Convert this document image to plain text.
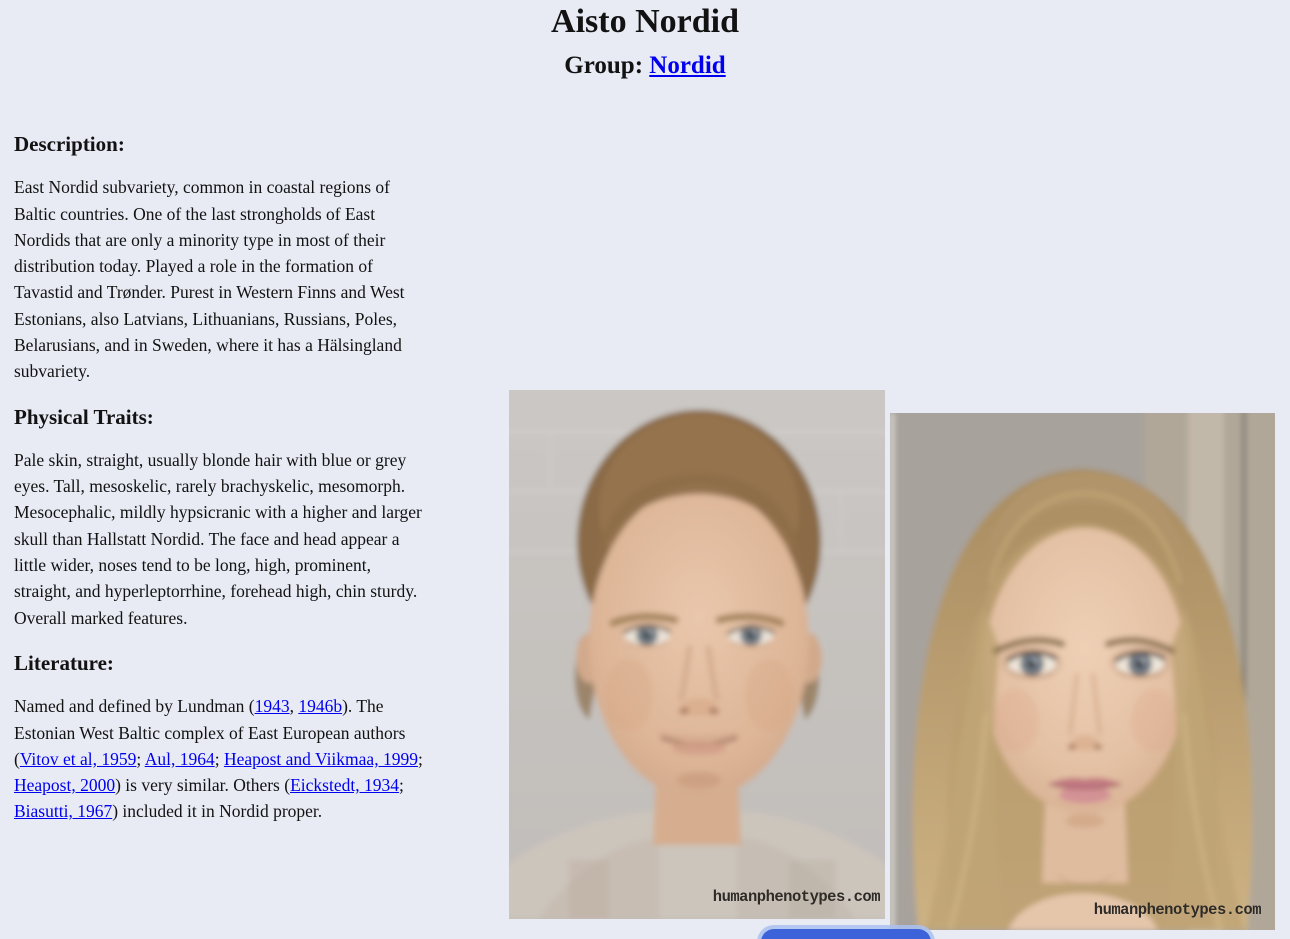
Aisto Nordid
Group: Nordid
Description:

East Nordid subvariety, common in coastal regions of Baltic countries. One of the last strongholds of East Nordids that are only a minority type in most of their distribution today. Played a role in the formation of Tavastid and Trønder. Purest in Western Finns and West Estonians, also Latvians, Lithuanians, Russians, Poles, Belarusians, and in Sweden, where it has a Hälsingland subvariety.

Physical Traits:

Pale skin, straight, usually blonde hair with blue or grey eyes. Tall, mesoskelic, rarely brachyskelic, mesomorph. Mesocephalic, mildly hypsicranic with a higher and larger skull than Hallstatt Nordid. The face and head appear a little wider, noses tend to be long, high, prominent, straight, and hyperleptorrhine, forehead high, chin sturdy. Overall marked features.

Literature:

Named and defined by Lundman (1943, 1946b). The Estonian West Baltic complex of East European authors (Vitov et al, 1959; Aul, 1964; Heapost and Viikmaa, 1999; Heapost, 2000) is very similar. Others (Eickstedt, 1934; Biasutti, 1967) included it in Nordid proper.

humanphenotypes.com
humanphenotypes.com
